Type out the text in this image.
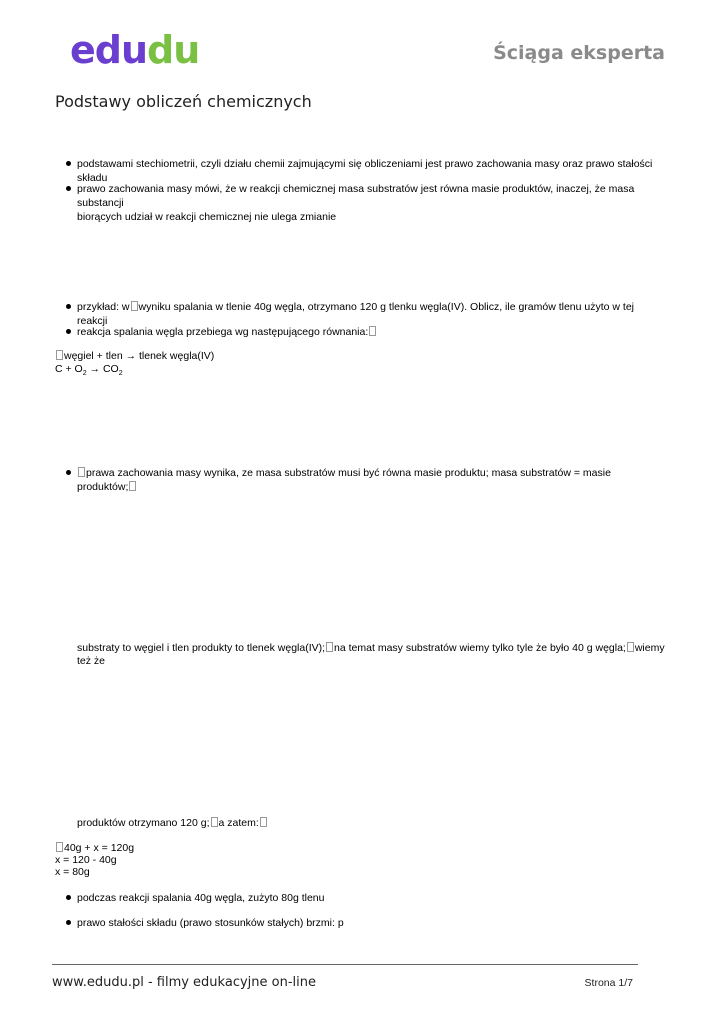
ed u du	Ściąga eksperta
Podstawy obliczeń chemicznych
podstawami stechiometrii, czyli działu chemii zajmującymi się obliczeniami jest prawo zachowania masy oraz prawo stałości składu
prawo zachowania masy mówi, że w reakcji chemicznej masa substratów jest równa masie produktów, inaczej, że masa substancji
biorących udział w reakcji chemicznej nie ulega zmianie
przykład: w wyniku spalania w tlenie 40g węgla, otrzymano 120 g tlenku węgla(IV). Oblicz, ile gramów tlenu użyto w tej reakcji
reakcja spalania węgla przebiega wg następującego równania:
węgiel + tlen → tlenek węgla(IV)
$C + O_2 \to CO_2$
prawa zachowania masy wynika, ze masa substratów musi być równa masie produktu; masa substratów = masie produktów;
substraty to węgiel i tlen produkty to tlenek węgla(IV); na temat masy substratów wiemy tylko tyle że było 40 g węgla; wiemy też że
produktów otrzymano 120 g; a zatem:
40g + x = 120g
x = 120 - 40g
x = 80g
podczas reakcji spalania 40g węgla, zużyto 80g tlenu
prawo stałości składu (prawo stosunków stałych) brzmi: p
www.edudu.pl - filmy edukacyjne on-line	Strona 1/7
